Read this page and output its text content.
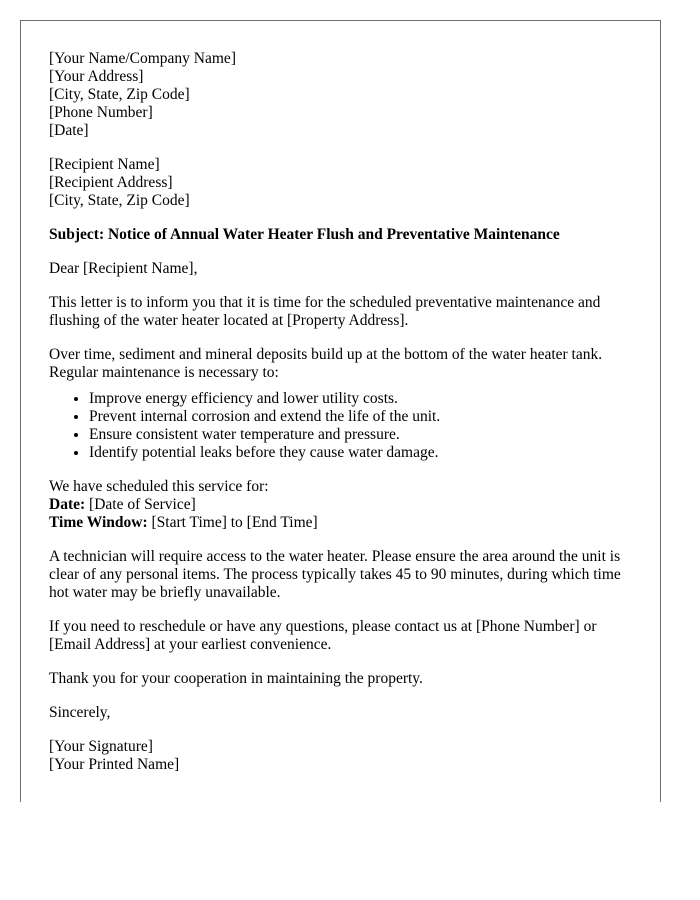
[Your Name/Company Name]
[Your Address]
[City, State, Zip Code]
[Phone Number]
[Date]
[Recipient Name]
[Recipient Address]
[City, State, Zip Code]
Subject: Notice of Annual Water Heater Flush and Preventative Maintenance

Dear [Recipient Name],

This letter is to inform you that it is time for the scheduled preventative maintenance and flushing of the water heater located at [Property Address].

Over time, sediment and mineral deposits build up at the bottom of the water heater tank. Regular maintenance is necessary to:

• Improve energy efficiency and lower utility costs.
• Prevent internal corrosion and extend the life of the unit.
• Ensure consistent water temperature and pressure.
• Identify potential leaks before they cause water damage.
We have scheduled this service for:
Date: [Date of Service]
Time Window: [Start Time] to [End Time]

A technician will require access to the water heater. Please ensure the area around the unit is clear of any personal items. The process typically takes 45 to 90 minutes, during which time hot water may be briefly unavailable.

If you need to reschedule or have any questions, please contact us at [Phone Number] or [Email Address] at your earliest convenience.

Thank you for your cooperation in maintaining the property.

Sincerely,

[Your Signature]
[Your Printed Name]
